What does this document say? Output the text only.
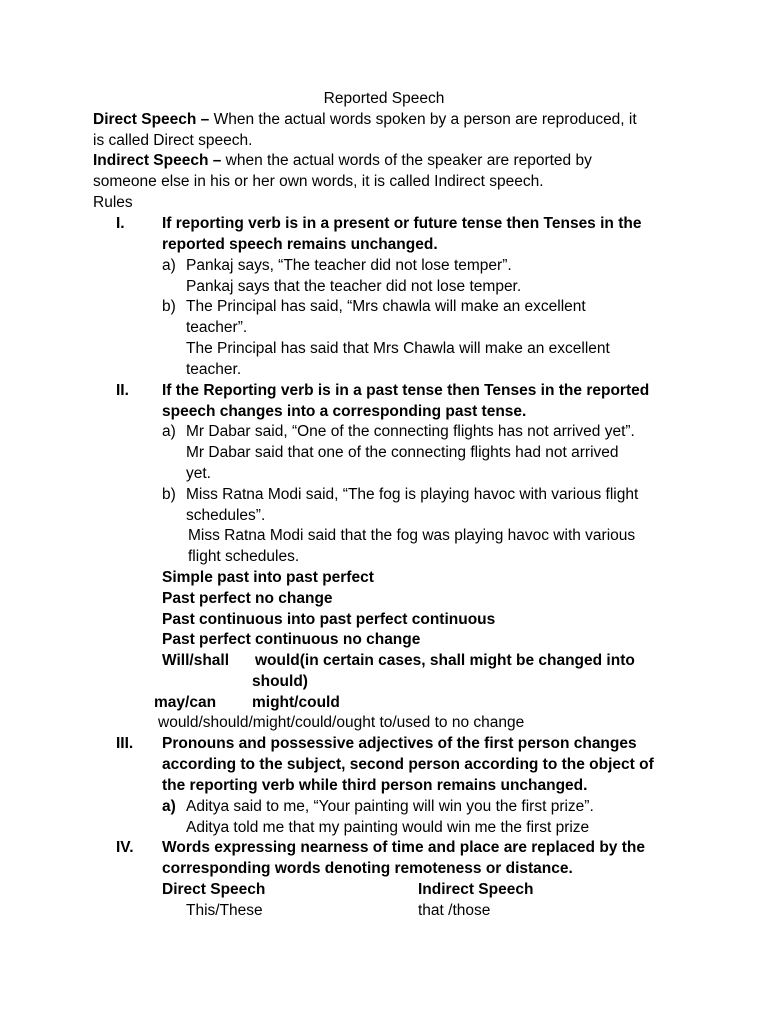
Reported Speech
Direct Speech – When the actual words spoken by a person are reproduced, it
is called Direct speech.
Indirect Speech – when the actual words of the speaker are reported by
someone else in his or her own words, it is called Indirect speech.
Rules
I. If reporting verb is in a present or future tense then Tenses in the
reported speech remains unchanged.
a) Pankaj says, “The teacher did not lose temper”.
Pankaj says that the teacher did not lose temper.
b) The Principal has said, “Mrs chawla will make an excellent
teacher”.
The Principal has said that Mrs Chawla will make an excellent
teacher.
II. If the Reporting verb is in a past tense then Tenses in the reported
speech changes into a corresponding past tense.
a) Mr Dabar said, “One of the connecting flights has not arrived yet”.
Mr Dabar said that one of the connecting flights had not arrived
yet.
b) Miss Ratna Modi said, “The fog is playing havoc with various flight
schedules”.
Miss Ratna Modi said that the fog was playing havoc with various
flight schedules.
Simple past into past perfect
Past perfect no change
Past continuous into past perfect continuous
Past perfect continuous no change
Will/shall would(in certain cases, shall might be changed into
should)
may/can might/could
would/should/might/could/ought to/used to no change
III. Pronouns and possessive adjectives of the first person changes
according to the subject, second person according to the object of
the reporting verb while third person remains unchanged.
a) Aditya said to me, “Your painting will win you the first prize”.
Aditya told me that my painting would win me the first prize
IV. Words expressing nearness of time and place are replaced by the
corresponding words denoting remoteness or distance.
Direct Speech	Indirect Speech
This/These	that /those
